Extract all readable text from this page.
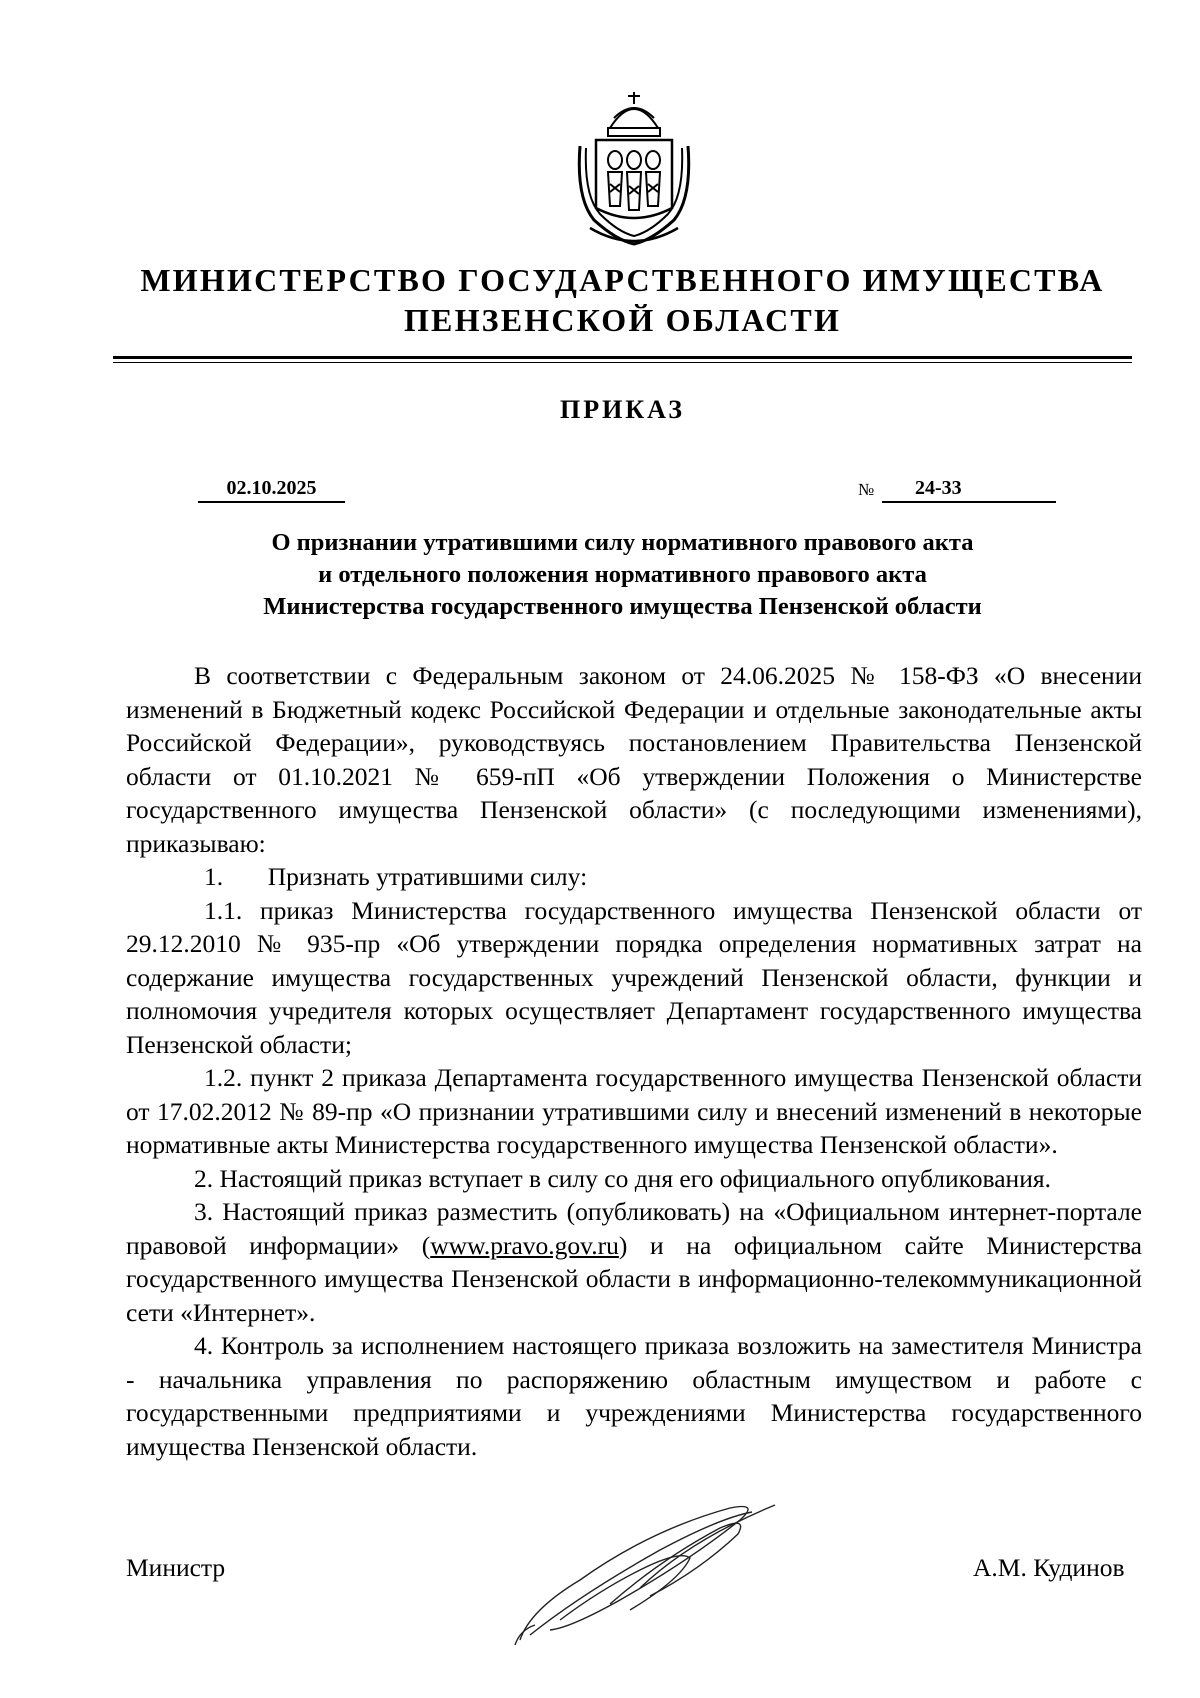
МИНИСТЕРСТВО ГОСУДАРСТВЕННОГО ИМУЩЕСТВА
ПЕНЗЕНСКОЙ ОБЛАСТИ
ПРИКАЗ
02.10.2025	№	24-33
О признании утратившими силу нормативного правового акта
и отдельного положения нормативного правового акта
Министерства государственного имущества Пензенской области

В соответствии с Федеральным законом от 24.06.2025 № 158-ФЗ «О внесении изменений в Бюджетный кодекс Российской Федерации и отдельные законодательные акты Российской Федерации», руководствуясь постановлением Правительства Пензенской области от 01.10.2021 № 659-пП «Об утверждении Положения о Министерстве государственного имущества Пензенской области» (с последующими изменениями), приказываю:

1.       Признать утратившими силу:

1.1. приказ Министерства государственного имущества Пензенской области от 29.12.2010 № 935-пр «Об утверждении порядка определения нормативных затрат на содержание имущества государственных учреждений Пензенской области, функции и полномочия учредителя которых осуществляет Департамент государственного имущества Пензенской области;

1.2. пункт 2 приказа Департамента государственного имущества Пензенской области от 17.02.2012 № 89-пр «О признании утратившими силу и внесений изменений в некоторые нормативные акты Министерства государственного имущества Пензенской области».

2. Настоящий приказ вступает в силу со дня его официального опубликования.

3. Настоящий приказ разместить (опубликовать) на «Официальном интернет-портале правовой информации» (www.pravo.gov.ru) и на официальном сайте Министерства государственного имущества Пензенской области в информационно-телекоммуникационной сети «Интернет».

4. Контроль за исполнением настоящего приказа возложить на заместителя Министра - начальника управления по распоряжению областным имуществом и работе с государственными предприятиями и учреждениями Министерства государственного имущества Пензенской области.

Министр	А.М. Кудинов
